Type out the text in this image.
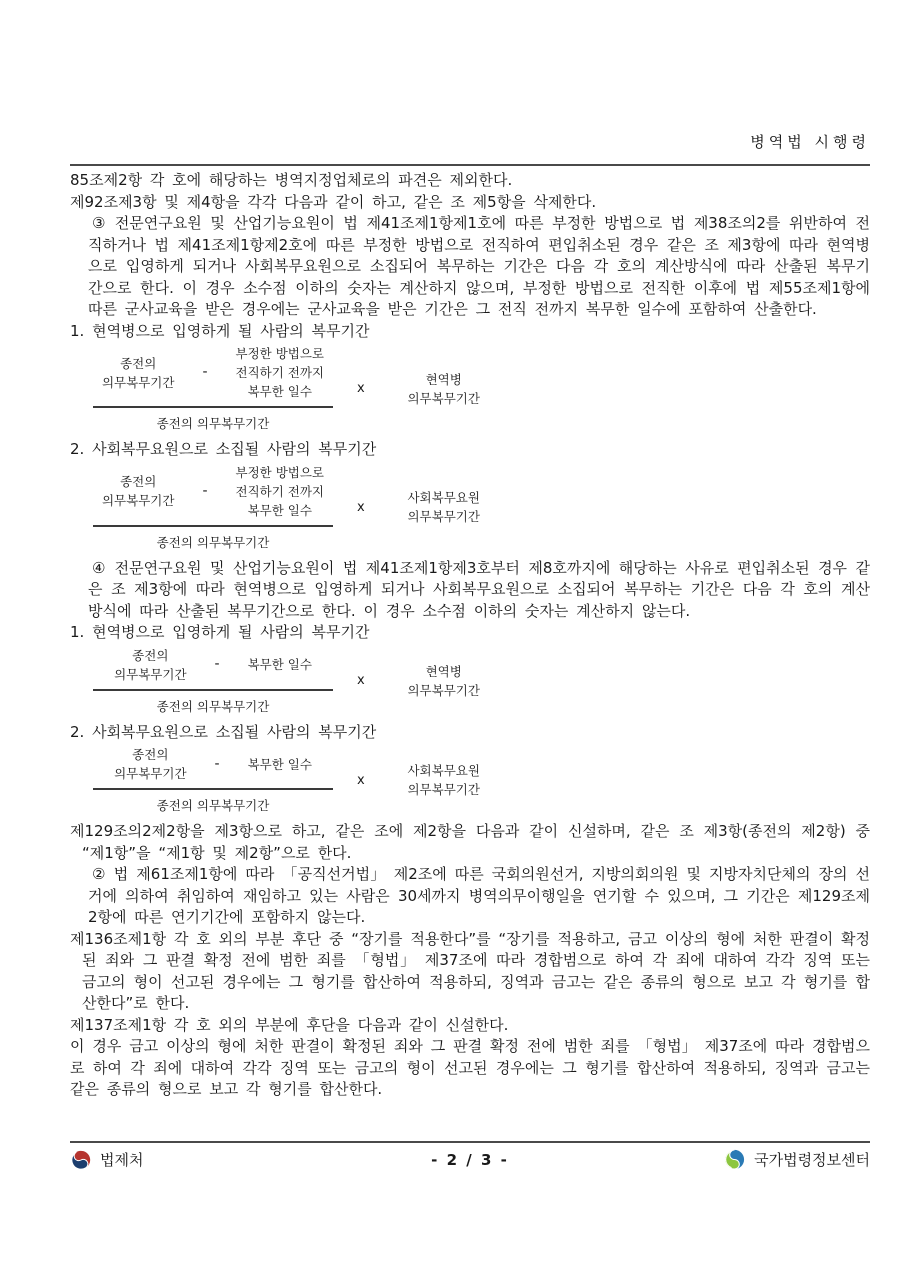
병역법 시행령

85조제2항 각 호에 해당하는 병역지정업체로의 파견은 제외한다.

제92조제3항 및 제4항을 각각 다음과 같이 하고, 같은 조 제5항을 삭제한다.

③ 전문연구요원 및 산업기능요원이 법 제41조제1항제1호에 따른 부정한 방법으로 법 제38조의2를 위반하여 전직하거나 법 제41조제1항제2호에 따른 부정한 방법으로 전직하여 편입취소된 경우 같은 조 제3항에 따라 현역병으로 입영하게 되거나 사회복무요원으로 소집되어 복무하는 기간은 다음 각 호의 계산방식에 따라 산출된 복무기간으로 한다. 이 경우 소수점 이하의 숫자는 계산하지 않으며, 부정한 방법으로 전직한 이후에 법 제55조제1항에 따른 군사교육을 받은 경우에는 군사교육을 받은 기간은 그 전직 전까지 복무한 일수에 포함하여 산출한다.

1. 현역병으로 입영하게 될 사람의 복무기간

종전의
의무복무기간
-
부정한 방법으로
전직하기 전까지
복무한 일수
종전의 의무복무기간
x
현역병
의무복무기간

2. 사회복무요원으로 소집될 사람의 복무기간

종전의
의무복무기간
-
부정한 방법으로
전직하기 전까지
복무한 일수
종전의 의무복무기간
x
사회복무요원
의무복무기간

④ 전문연구요원 및 산업기능요원이 법 제41조제1항제3호부터 제8호까지에 해당하는 사유로 편입취소된 경우 같은 조 제3항에 따라 현역병으로 입영하게 되거나 사회복무요원으로 소집되어 복무하는 기간은 다음 각 호의 계산방식에 따라 산출된 복무기간으로 한다. 이 경우 소수점 이하의 숫자는 계산하지 않는다.

1. 현역병으로 입영하게 될 사람의 복무기간

종전의
의무복무기간
- 복무한 일수
종전의 의무복무기간
x
현역병
의무복무기간

2. 사회복무요원으로 소집될 사람의 복무기간

종전의
의무복무기간
- 복무한 일수
종전의 의무복무기간
x
사회복무요원
의무복무기간

제129조의2제2항을 제3항으로 하고, 같은 조에 제2항을 다음과 같이 신설하며, 같은 조 제3항(종전의 제2항) 중 “제1항”을 “제1항 및 제2항”으로 한다.

② 법 제61조제1항에 따라 「공직선거법」 제2조에 따른 국회의원선거, 지방의회의원 및 지방자치단체의 장의 선거에 의하여 취임하여 재임하고 있는 사람은 30세까지 병역의무이행일을 연기할 수 있으며, 그 기간은 제129조제2항에 따른 연기기간에 포함하지 않는다.

제136조제1항 각 호 외의 부분 후단 중 “장기를 적용한다”를 “장기를 적용하고, 금고 이상의 형에 처한 판결이 확정된 죄와 그 판결 확정 전에 범한 죄를 「형법」 제37조에 따라 경합범으로 하여 각 죄에 대하여 각각 징역 또는 금고의 형이 선고된 경우에는 그 형기를 합산하여 적용하되, 징역과 금고는 같은 종류의 형으로 보고 각 형기를 합산한다”로 한다.

제137조제1항 각 호 외의 부분에 후단을 다음과 같이 신설한다.

이 경우 금고 이상의 형에 처한 판결이 확정된 죄와 그 판결 확정 전에 범한 죄를 「형법」 제37조에 따라 경합범으로 하여 각 죄에 대하여 각각 징역 또는 금고의 형이 선고된 경우에는 그 형기를 합산하여 적용하되, 징역과 금고는 같은 종류의 형으로 보고 각 형기를 합산한다.

법제처	- 2 / 3 -	국가법령정보센터
